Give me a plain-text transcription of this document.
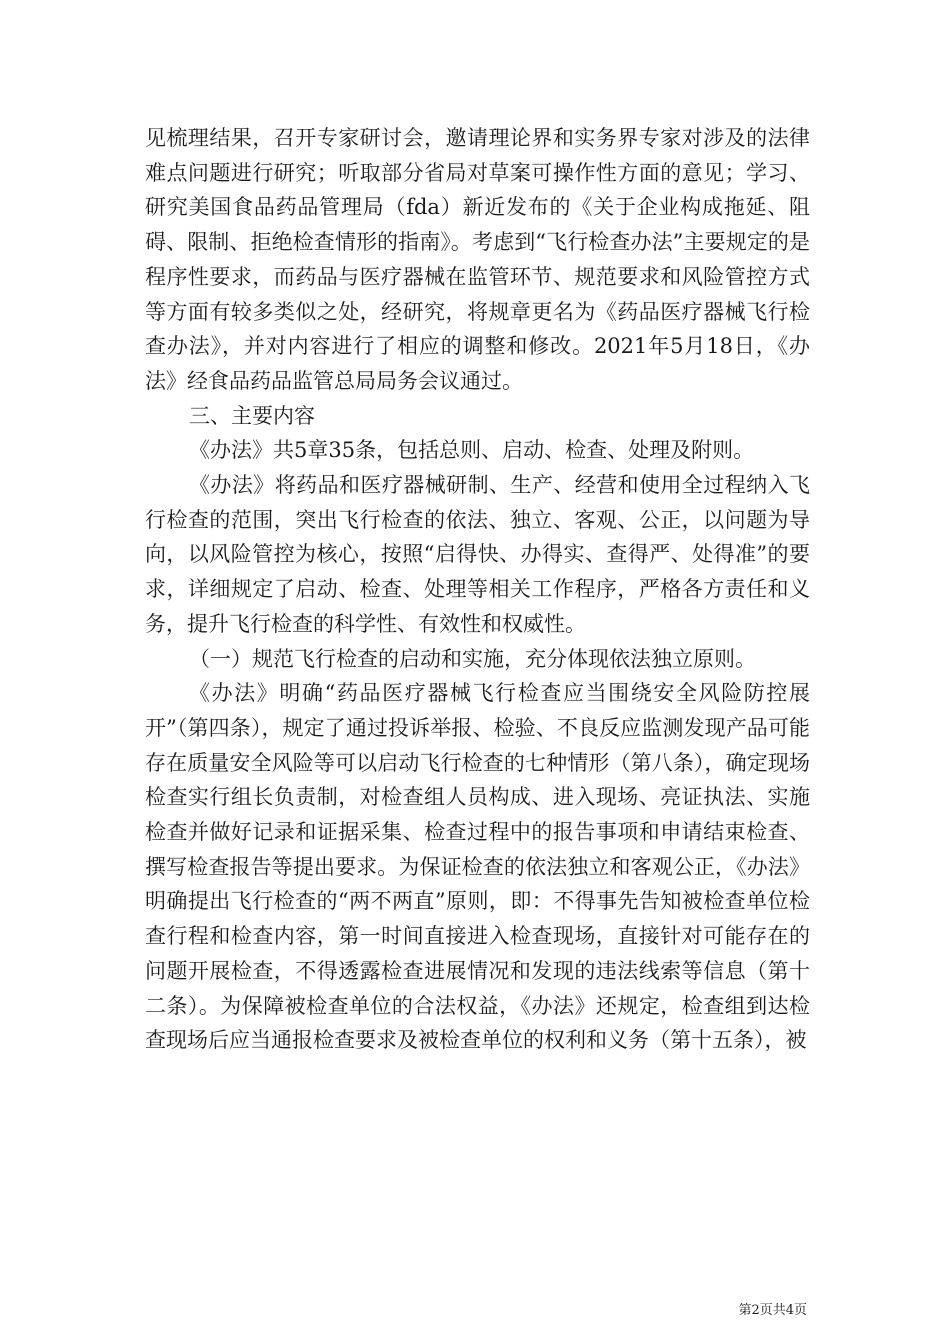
见梳理结果，召开专家研讨会，邀请理论界和实务界专家对涉及的法律难点问题进行研究；听取部分省局对草案可操作性方面的意见；学习、研究美国食品药品管理局（fda）新近发布的《关于企业构成拖延、阻碍、限制、拒绝检查情形的指南》。考虑到“飞行检查办法”主要规定的是程序性要求，而药品与医疗器械在监管环节、规范要求和风险管控方式等方面有较多类似之处，经研究，将规章更名为《药品医疗器械飞行检查办法》，并对内容进行了相应的调整和修改。2021年5月18日，《办法》经食品药品监管总局局务会议通过。

三、主要内容

《办法》共5章35条，包括总则、启动、检查、处理及附则。

《办法》将药品和医疗器械研制、生产、经营和使用全过程纳入飞行检查的范围，突出飞行检查的依法、独立、客观、公正，以问题为导向，以风险管控为核心，按照“启得快、办得实、查得严、处得准”的要求，详细规定了启动、检查、处理等相关工作程序，严格各方责任和义务，提升飞行检查的科学性、有效性和权威性。

（一）规范飞行检查的启动和实施，充分体现依法独立原则。

《办法》明确“药品医疗器械飞行检查应当围绕安全风险防控展开”（第四条），规定了通过投诉举报、检验、不良反应监测发现产品可能存在质量安全风险等可以启动飞行检查的七种情形（第八条），确定现场检查实行组长负责制，对检查组人员构成、进入现场、亮证执法、实施检查并做好记录和证据采集、检查过程中的报告事项和申请结束检查、撰写检查报告等提出要求。为保证检查的依法独立和客观公正，《办法》明确提出飞行检查的“两不两直”原则，即：不得事先告知被检查单位检查行程和检查内容，第一时间直接进入检查现场，直接针对可能存在的问题开展检查，不得透露检查进展情况和发现的违法线索等信息（第十二条）。为保障被检查单位的合法权益，《办法》还规定，检查组到达检查现场后应当通报检查要求及被检查单位的权利和义务（第十五条），被

第2页共4页
